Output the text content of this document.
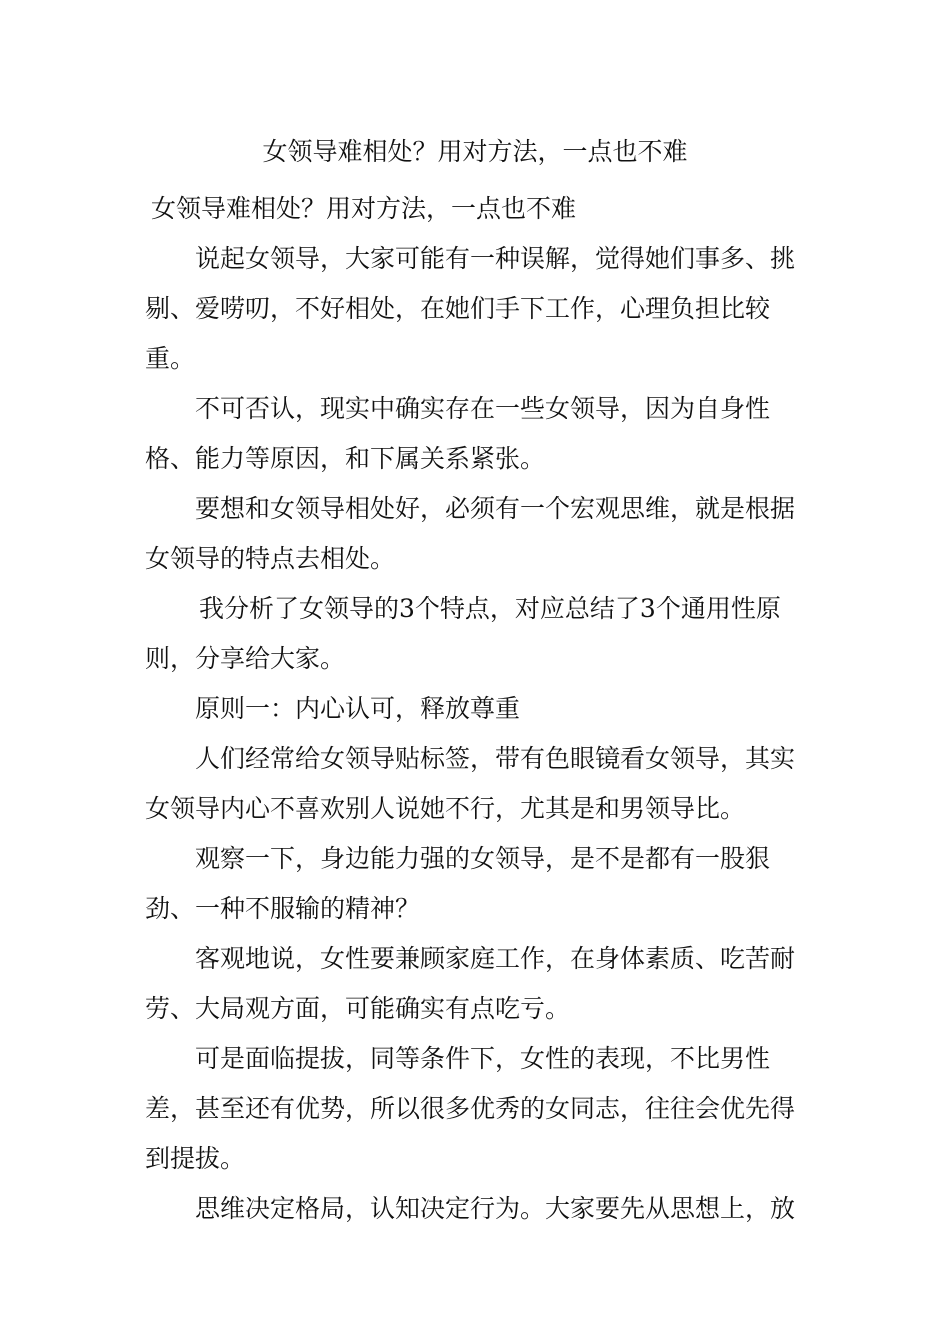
女领导难相处？用对方法，一点也不难

女领导难相处？用对方法，一点也不难

说起女领导，大家可能有一种误解，觉得她们事多、挑剔、爱唠叨，不好相处，在她们手下工作，心理负担比较重。

不可否认，现实中确实存在一些女领导，因为自身性格、能力等原因，和下属关系紧张。

要想和女领导相处好，必须有一个宏观思维，就是根据女领导的特点去相处。

我分析了女领导的3个特点，对应总结了3个通用性原则，分享给大家。

原则一：内心认可，释放尊重

人们经常给女领导贴标签，带有色眼镜看女领导，其实女领导内心不喜欢别人说她不行，尤其是和男领导比。

观察一下，身边能力强的女领导，是不是都有一股狠劲、一种不服输的精神？

客观地说，女性要兼顾家庭工作，在身体素质、吃苦耐劳、大局观方面，可能确实有点吃亏。

可是面临提拔，同等条件下，女性的表现，不比男性差，甚至还有优势，所以很多优秀的女同志，往往会优先得到提拔。

思维决定格局，认知决定行为。大家要先从思想上，放
